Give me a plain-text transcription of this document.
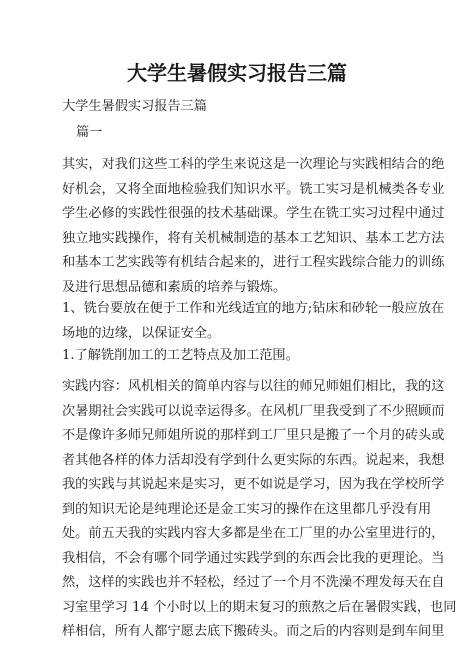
大学生暑假实习报告三篇
大学生暑假实习报告三篇
篇一
其实，对我们这些工科的学生来说这是一次理论与实践相结合的绝
好机会，又将全面地检验我们知识水平。铣工实习是机械类各专业
学生必修的实践性很强的技术基础课。学生在铣工实习过程中通过
独立地实践操作，将有关机械制造的基本工艺知识、基本工艺方法
和基本工艺实践等有机结合起来的，进行工程实践综合能力的训练
及进行思想品德和素质的培养与锻炼。
1、铣台要放在便于工作和光线适宜的地方;钻床和砂轮一般应放在
场地的边缘，以保证安全。
1.了解铣削加工的工艺特点及加工范围。
实践内容：风机相关的简单内容与以往的师兄师姐们相比，我的这
次暑期社会实践可以说幸运得多。在风机厂里我受到了不少照顾而
不是像许多师兄师姐所说的那样到工厂里只是搬了一个月的砖头或
者其他各样的体力活却没有学到什么更实际的东西。说起来，我想
我的实践与其说起来是实习，更不如说是学习，因为我在学校所学
到的知识无论是纯理论还是金工实习的操作在这里都几乎没有用
处。前五天我的实践内容大多都是坐在工厂里的办公室里进行的，
我相信，不会有哪个同学通过实践学到的东西会比我的更理论。当
然，这样的实践也并不轻松，经过了一个月不洗澡不理发每天在自
习室里学习 14 个小时以上的期末复习的煎熬之后在暑假实践，也同
样相信，所有人都宁愿去底下搬砖头。而之后的内容则是到车间里
